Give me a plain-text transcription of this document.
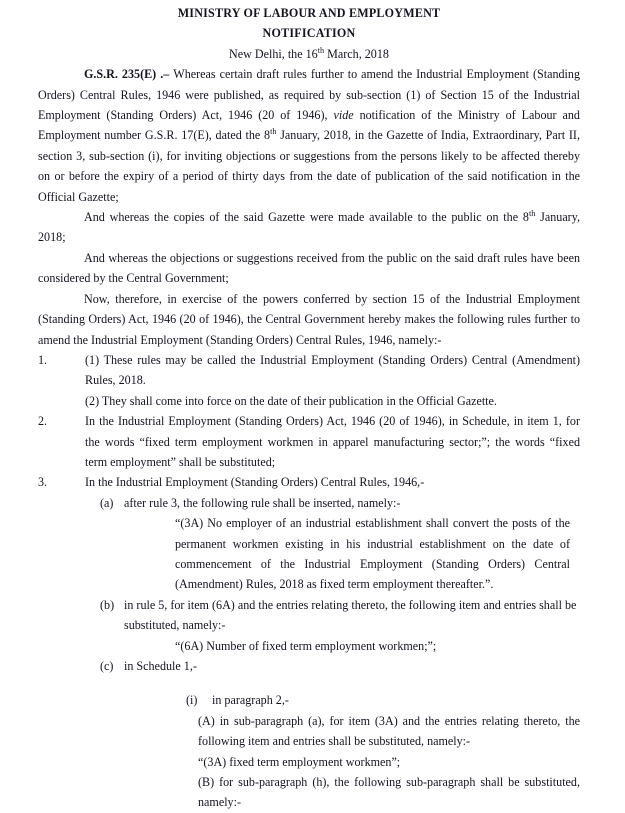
MINISTRY OF LABOUR AND EMPLOYMENT

NOTIFICATION

New Delhi, the 16th March, 2018

G.S.R. 235(E) .– Whereas certain draft rules further to amend the Industrial Employment (Standing Orders) Central Rules, 1946 were published, as required by sub-section (1) of Section 15 of the Industrial Employment (Standing Orders) Act, 1946 (20 of 1946), vide notification of the Ministry of Labour and Employment number G.S.R. 17(E), dated the 8th January, 2018, in the Gazette of India, Extraordinary, Part II, section 3, sub-section (i), for inviting objections or suggestions from the persons likely to be affected thereby on or before the expiry of a period of thirty days from the date of publication of the said notification in the Official Gazette;

And whereas the copies of the said Gazette were made available to the public on the 8th January, 2018;

And whereas the objections or suggestions received from the public on the said draft rules have been considered by the Central Government;

Now, therefore, in exercise of the powers conferred by section 15 of the Industrial Employment (Standing Orders) Act, 1946 (20 of 1946), the Central Government hereby makes the following rules further to amend the Industrial Employment (Standing Orders) Central Rules, 1946, namely:-

1.	(1) These rules may be called the Industrial Employment (Standing Orders) Central (Amendment) Rules, 2018.

(2) They shall come into force on the date of their publication in the Official Gazette.

2.	In the Industrial Employment (Standing Orders) Act, 1946 (20 of 1946), in Schedule, in item 1, for the words “fixed term employment workmen in apparel manufacturing sector;”; the words “fixed term employment” shall be substituted;

3.	In the Industrial Employment (Standing Orders) Central Rules, 1946,-

(a) after rule 3, the following rule shall be inserted, namely:-

“(3A) No employer of an industrial establishment shall convert the posts of the permanent workmen existing in his industrial establishment on the date of commencement of the Industrial Employment (Standing Orders) Central (Amendment) Rules, 2018 as fixed term employment thereafter.”.

(b) in rule 5, for item (6A) and the entries relating thereto, the following item and entries shall be

substituted, namely:-

“(6A) Number of fixed term employment workmen;”;

(c) in Schedule 1,-

(i)	in paragraph 2,-

(A) in sub-paragraph (a), for item (3A) and the entries relating thereto, the following item and entries shall be substituted, namely:-

“(3A) fixed term employment workmen”;

(B) for sub-paragraph (h), the following sub-paragraph shall be substituted, namely:-
